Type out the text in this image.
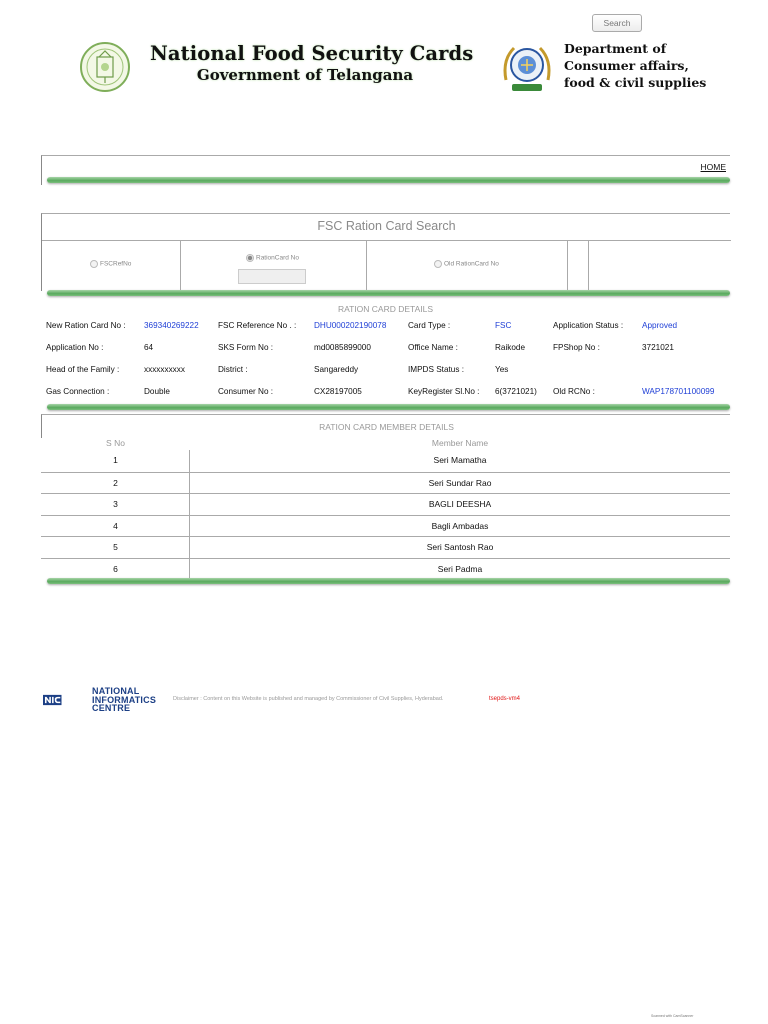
National Food Security Cards
Government of Telangana
Department of
Consumer affairs,
food & civil supplies
HOME
FSC Ration Card Search
FSCRefNo
RationCard No
Old RationCard No
Search
RATION CARD DETAILS
New Ration Card No : 369340269222 FSC Reference No . : DHU000202190078	Card Type :	FSC	Application Status : Approved
Application No :	64	SKS Form No :	md0085899000	Office Name :	Raikode	FPShop No :	3721021
Head of the Family :	xxxxxxxxxx	District :	Sangareddy	IMPDS Status :	Yes
Gas Connection :	Double	Consumer No :	CX28197005	KeyRegister Sl.No : 6(3721021) Old RCNo :	WAP178701100099
RATION CARD MEMBER DETAILS
S No	Member Name
1	Seri Mamatha
2	Seri Sundar Rao
3	BAGLI DEESHA
4	Bagli Ambadas
5	Seri Santosh Rao
6	Seri Padma
NATIONAL
INFORMATICS
CENTRE
Disclaimer : Content on this Website is published and managed by Commissioner of Civil Supplies, Hyderabad.	tsepds-vm4
Scanned with CamScanner
